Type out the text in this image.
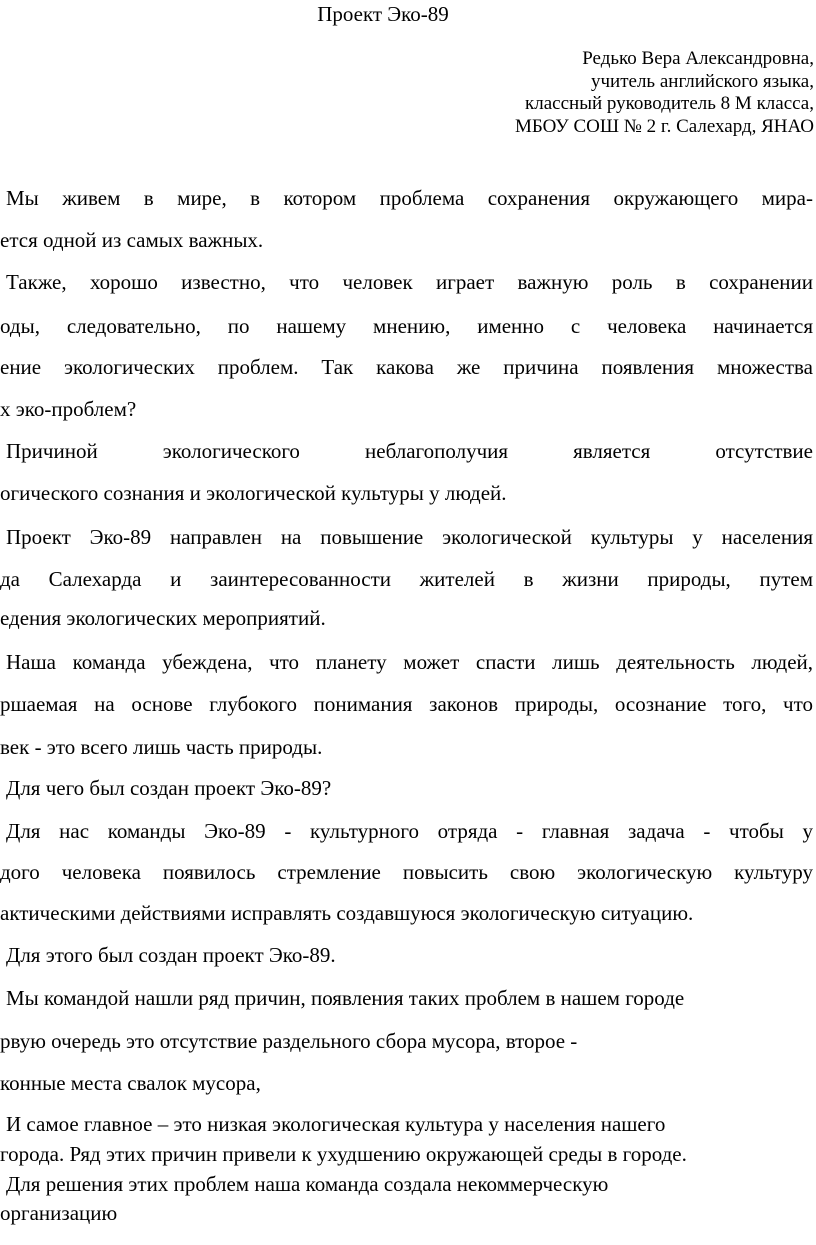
Проект Эко-89
Редько Вера Александровна,
учитель английского языка,
классный руководитель 8 М класса,
МБОУ СОШ № 2 г. Салехард, ЯНАО
Мы живем в мире, в котором проблема сохранения окружающего мира-
ется одной из самых важных.
Также, хорошо известно, что человек играет важную роль в сохранении
оды, следовательно, по нашему мнению, именно с человека начинается
ение экологических проблем. Так какова же причина появления множества
х эко-проблем?
Причиной экологического неблагополучия является отсутствие
огического сознания и экологической культуры у людей.
Проект Эко-89 направлен на повышение экологической культуры у населения
да Салехарда и заинтересованности жителей в жизни природы, путем
едения экологических мероприятий.
Наша команда убеждена, что планету может спасти лишь деятельность людей,
ршаемая на основе глубокого понимания законов природы, осознание того, что
век - это всего лишь часть природы.
Для чего был создан проект Эко-89?
Для нас команды Эко-89 - культурного отряда - главная задача - чтобы у
дого человека появилось стремление повысить свою экологическую культуру
актическими действиями исправлять создавшуюся экологическую ситуацию.
Для этого был создан проект Эко-89.
Мы командой нашли ряд причин, появления таких проблем в нашем городе
рвую очередь это отсутствие раздельного сбора мусора, второе -
конные места свалок мусора,
И самое главное – это низкая экологическая культура у населения нашего
города. Ряд этих причин привели к ухудшению окружающей среды в городе.
Для решения этих проблем наша команда создала некоммерческую
организацию
